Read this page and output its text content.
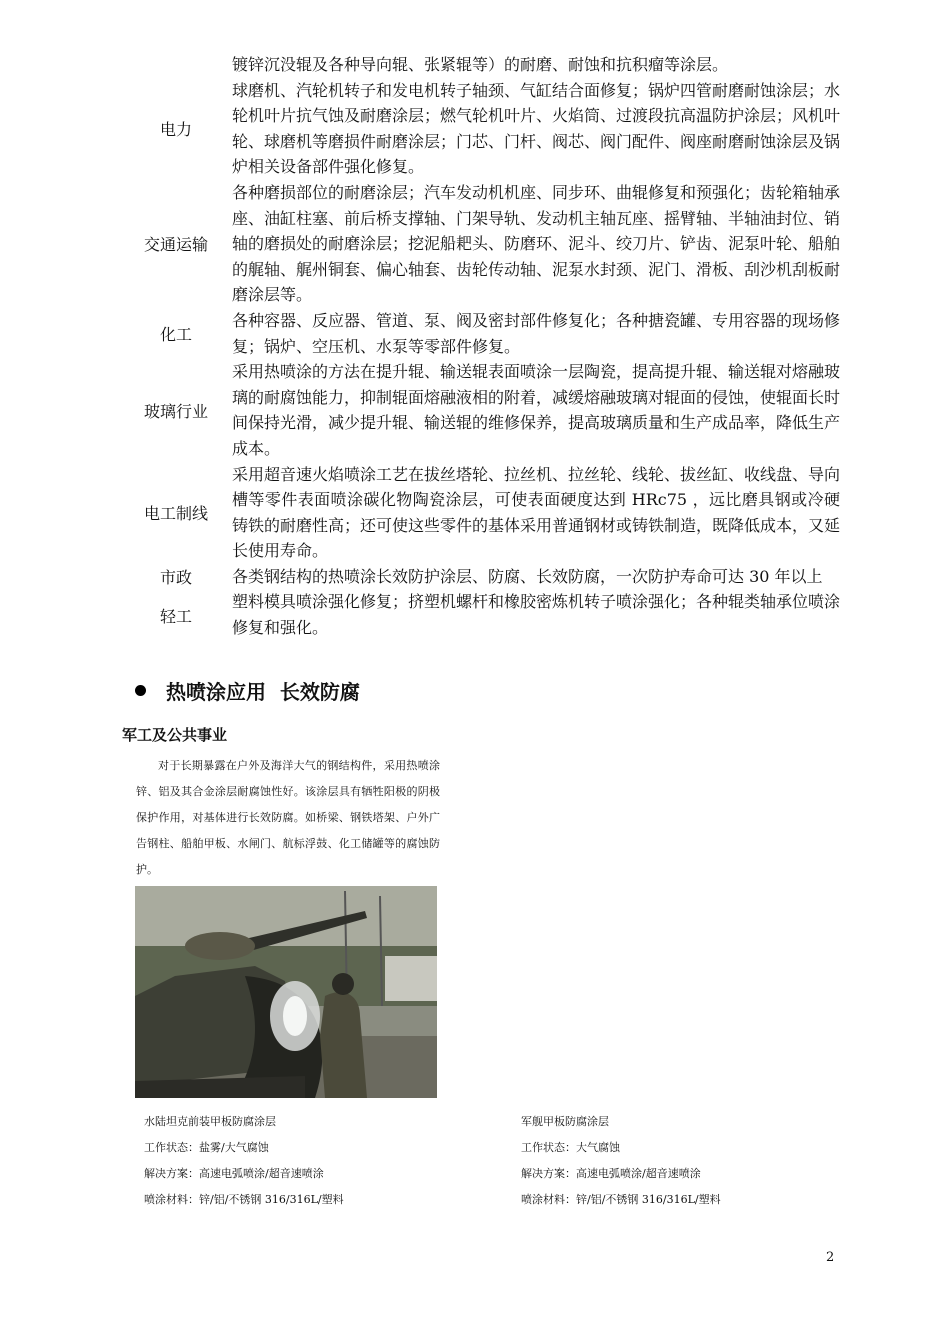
镀锌沉没辊及各种导向辊、张紧辊等）的耐磨、耐蚀和抗积瘤等涂层。
电力
球磨机、汽轮机转子和发电机转子轴颈、气缸结合面修复；锅炉四管耐磨耐蚀涂层；水轮机叶片抗气蚀及耐磨涂层；燃气轮机叶片、火焰筒、过渡段抗高温防护涂层；风机叶轮、球磨机等磨损件耐磨涂层；门芯、门杆、阀芯、阀门配件、阀座耐磨耐蚀涂层及锅炉相关设备部件强化修复。
交通运输
各种磨损部位的耐磨涂层；汽车发动机机座、同步环、曲辊修复和预强化；齿轮箱轴承座、油缸柱塞、前后桥支撑轴、门架导轨、发动机主轴瓦座、摇臂轴、半轴油封位、销轴的磨损处的耐磨涂层；挖泥船耙头、防磨环、泥斗、绞刀片、铲齿、泥泵叶轮、船舶的艉轴、艉州铜套、偏心轴套、齿轮传动轴、泥泵水封颈、泥门、滑板、刮沙机刮板耐磨涂层等。
化工
各种容器、反应器、管道、泵、阀及密封部件修复化；各种搪瓷罐、专用容器的现场修复；锅炉、空压机、水泵等零部件修复。
玻璃行业
采用热喷涂的方法在提升辊、输送辊表面喷涂一层陶瓷，提高提升辊、输送辊对熔融玻璃的耐腐蚀能力，抑制辊面熔融液相的附着，减缓熔融玻璃对辊面的侵蚀，使辊面长时间保持光滑，减少提升辊、输送辊的维修保养，提高玻璃质量和生产成品率，降低生产成本。
电工制线
采用超音速火焰喷涂工艺在拔丝塔轮、拉丝机、拉丝轮、线轮、拔丝缸、收线盘、导向槽等零件表面喷涂碳化物陶瓷涂层，可使表面硬度达到 HRc75 ，远比磨具钢或冷硬铸铁的耐磨性高；还可使这些零件的基体采用普通钢材或铸铁制造，既降低成本，又延长使用寿命。
市政	各类钢结构的热喷涂长效防护涂层、防腐、长效防腐，一次防护寿命可达 30 年以上
轻工
塑料模具喷涂强化修复；挤塑机螺杆和橡胶密炼机转子喷涂强化；各种辊类轴承位喷涂修复和强化。
热喷涂应用  长效防腐
军工及公共事业
对于长期暴露在户外及海洋大气的钢结构件，采用热喷涂锌、铝及其合金涂层耐腐蚀性好。该涂层具有牺牲阳极的阴极保护作用，对基体进行长效防腐。如桥梁、钢铁塔架、户外广告钢柱、船舶甲板、水闸门、航标浮鼓、化工储罐等的腐蚀防护。
水陆坦克前装甲板防腐涂层
工作状态：盐雾/大气腐蚀
解决方案：高速电弧喷涂/超音速喷涂
喷涂材料：锌/铝/不锈钢 316/316L/塑料
军舰甲板防腐涂层
工作状态：大气腐蚀
解决方案：高速电弧喷涂/超音速喷涂
喷涂材料：锌/铝/不锈钢 316/316L/塑料
2
